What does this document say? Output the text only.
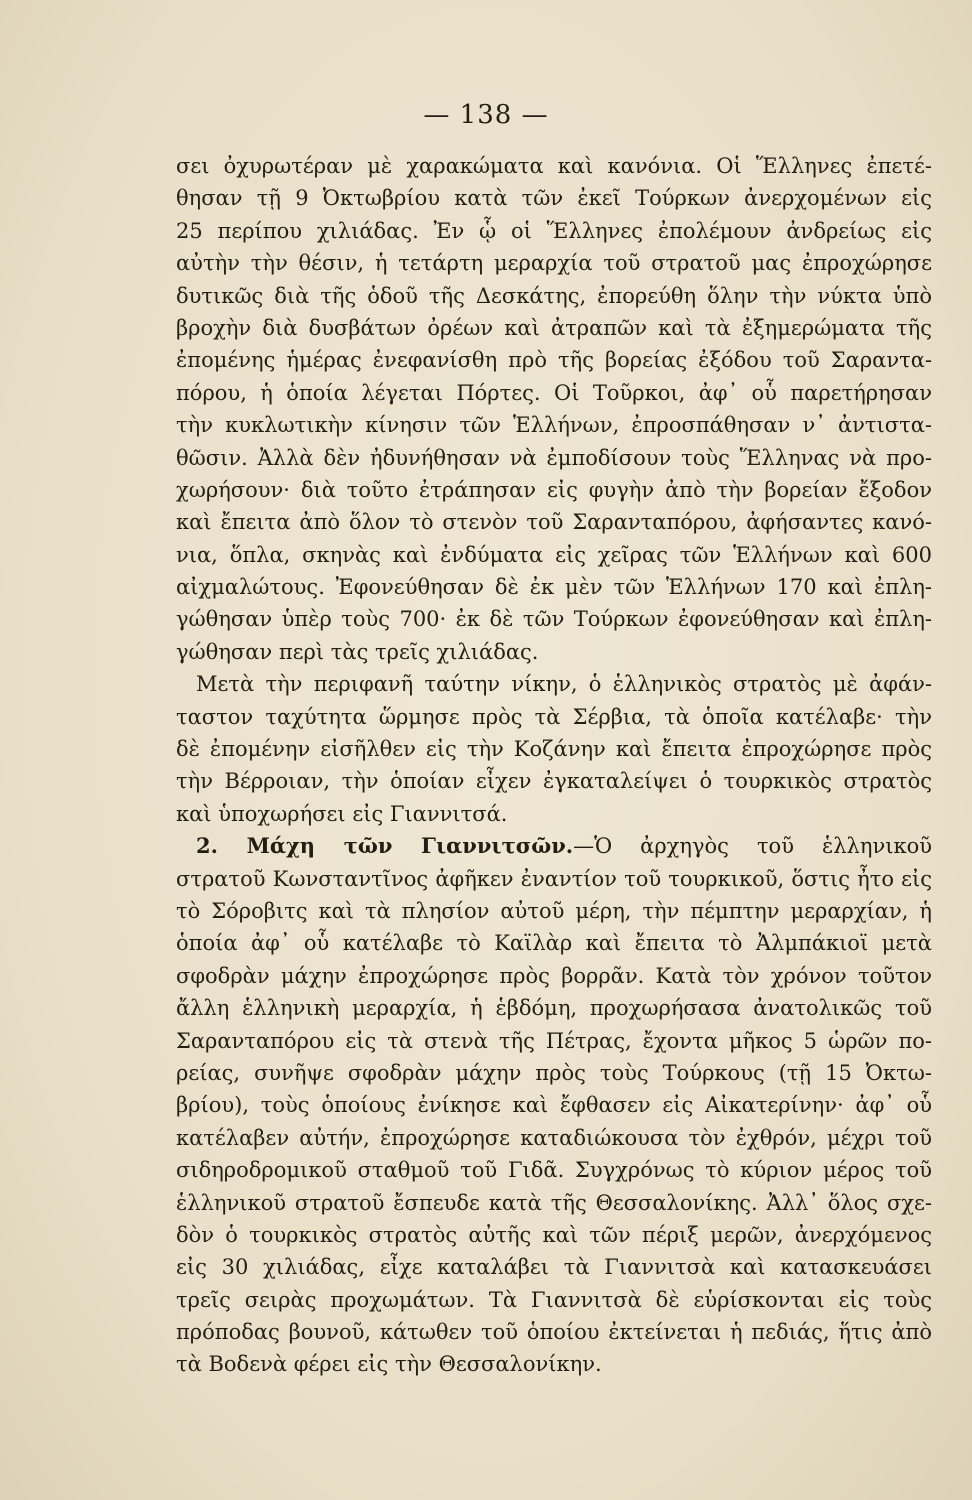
— 138 —
σει ὀχυρωτέραν μὲ χαρακώματα καὶ κανόνια. Οἱ Ἕλληνες ἐπετέ-
θησαν τῇ 9 Ὀκτωβρίου κατὰ τῶν ἐκεῖ Τούρκων ἀνερχομένων εἰς
25 περίπου χιλιάδας. Ἐν ᾧ οἱ Ἕλληνες ἐπολέμουν ἀνδρείως εἰς
αὐτὴν τὴν θέσιν, ἡ τετάρτη μεραρχία τοῦ στρατοῦ μας ἐπροχώρησε
δυτικῶς διὰ τῆς ὁδοῦ τῆς Δεσκάτης, ἐπορεύθη ὅλην τὴν νύκτα ὑπὸ
βροχὴν διὰ δυσβάτων ὀρέων καὶ ἀτραπῶν καὶ τὰ ἐξημερώματα τῆς
ἐπομένης ἡμέρας ἐνεφανίσθη πρὸ τῆς βορείας ἐξόδου τοῦ Σαραντα-
πόρου, ἡ ὁποία λέγεται Πόρτες. Οἱ Τοῦρκοι, ἀφ᾽ οὗ παρετήρησαν
τὴν κυκλωτικὴν κίνησιν τῶν Ἑλλήνων, ἐπροσπάθησαν ν᾽ ἀντιστα-
θῶσιν. Ἀλλὰ δὲν ἠδυνήθησαν νὰ ἐμποδίσουν τοὺς Ἕλληνας νὰ προ-
χωρήσουν· διὰ τοῦτο ἐτράπησαν εἰς φυγὴν ἀπὸ τὴν βορείαν ἔξοδον
καὶ ἔπειτα ἀπὸ ὅλον τὸ στενὸν τοῦ Σαρανταπόρου, ἀφήσαντες κανό-
νια, ὅπλα, σκηνὰς καὶ ἐνδύματα εἰς χεῖρας τῶν Ἑλλήνων καὶ 600
αἰχμαλώτους. Ἐφονεύθησαν δὲ ἐκ μὲν τῶν Ἑλλήνων 170 καὶ ἐπλη-
γώθησαν ὑπὲρ τοὺς 700· ἐκ δὲ τῶν Τούρκων ἐφονεύθησαν καὶ ἐπλη-
γώθησαν περὶ τὰς τρεῖς χιλιάδας.
Μετὰ τὴν περιφανῆ ταύτην νίκην, ὁ ἑλληνικὸς στρατὸς μὲ ἀφάν-
ταστον ταχύτητα ὥρμησε πρὸς τὰ Σέρβια, τὰ ὁποῖα κατέλαβε· τὴν
δὲ ἐπομένην εἰσῆλθεν εἰς τὴν Κοζάνην καὶ ἔπειτα ἐπροχώρησε πρὸς
τὴν Βέρροιαν, τὴν ὁποίαν εἶχεν ἐγκαταλείψει ὁ τουρκικὸς στρατὸς
καὶ ὑποχωρήσει εἰς Γιαννιτσά.
2. Μάχη τῶν Γιαννιτσῶν.—Ὁ ἀρχηγὸς τοῦ ἑλληνικοῦ
στρατοῦ Κωνσταντῖνος ἀφῆκεν ἐναντίον τοῦ τουρκικοῦ, ὅστις ἦτο εἰς
τὸ Σόροβιτς καὶ τὰ πλησίον αὐτοῦ μέρη, τὴν πέμπτην μεραρχίαν, ἡ
ὁποία ἀφ᾽ οὗ κατέλαβε τὸ Καϊλὰρ καὶ ἔπειτα τὸ Ἀλμπάκιοϊ μετὰ
σφοδρὰν μάχην ἐπροχώρησε πρὸς βορρᾶν. Κατὰ τὸν χρόνον τοῦτον
ἄλλη ἑλληνικὴ μεραρχία, ἡ ἑβδόμη, προχωρήσασα ἀνατολικῶς τοῦ
Σαρανταπόρου εἰς τὰ στενὰ τῆς Πέτρας, ἔχοντα μῆκος 5 ὡρῶν πο-
ρείας, συνῆψε σφοδρὰν μάχην πρὸς τοὺς Τούρκους (τῇ 15 Ὀκτω-
βρίου), τοὺς ὁποίους ἐνίκησε καὶ ἔφθασεν εἰς Αἰκατερίνην· ἀφ᾽ οὗ
κατέλαβεν αὐτήν, ἐπροχώρησε καταδιώκουσα τὸν ἐχθρόν, μέχρι τοῦ
σιδηροδρομικοῦ σταθμοῦ τοῦ Γιδᾶ. Συγχρόνως τὸ κύριον μέρος τοῦ
ἑλληνικοῦ στρατοῦ ἔσπευδε κατὰ τῆς Θεσσαλονίκης. Ἀλλ᾽ ὅλος σχε-
δὸν ὁ τουρκικὸς στρατὸς αὐτῆς καὶ τῶν πέριξ μερῶν, ἀνερχόμενος
εἰς 30 χιλιάδας, εἶχε καταλάβει τὰ Γιαννιτσὰ καὶ κατασκευάσει
τρεῖς σειρὰς προχωμάτων. Τὰ Γιαννιτσὰ δὲ εὑρίσκονται εἰς τοὺς
πρόποδας βουνοῦ, κάτωθεν τοῦ ὁποίου ἐκτείνεται ἡ πεδιάς, ἥτις ἀπὸ
τὰ Βοδενὰ φέρει εἰς τὴν Θεσσαλονίκην.
